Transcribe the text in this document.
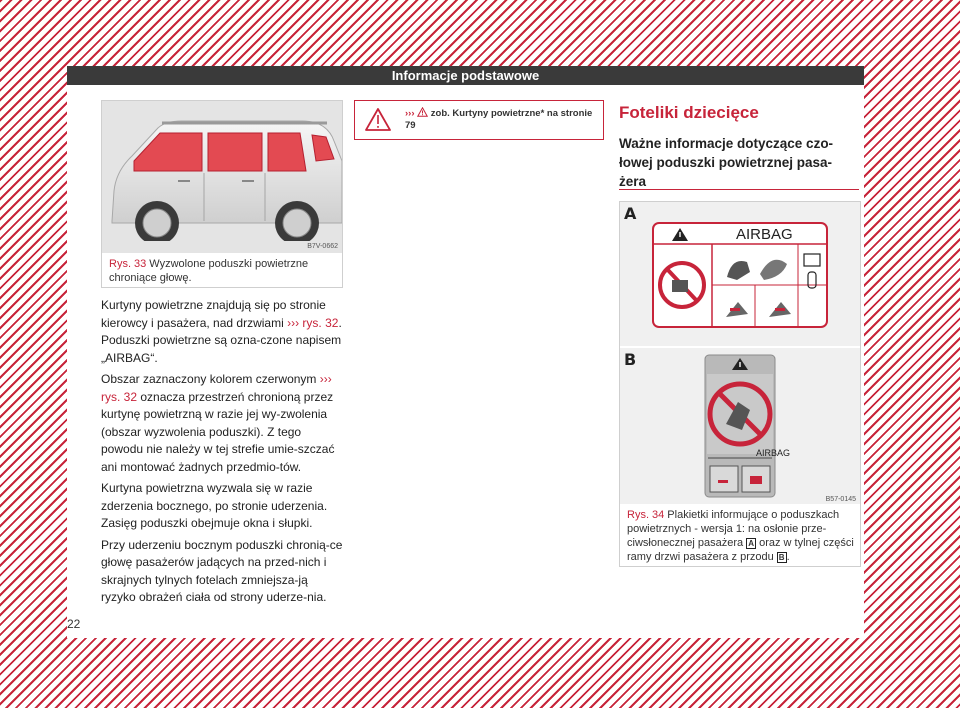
Informacje podstawowe
B7V-0662
Rys. 33 Wyzwolone poduszki powietrzne chroniące głowę.

Kurtyny powietrzne znajdują się po stronie kierowcy i pasażera, nad drzwiami ››› rys. 32. Poduszki powietrzne są ozna-czone napisem „AIRBAG“.

Obszar zaznaczony kolorem czerwonym ››› rys. 32 oznacza przestrzeń chronioną przez kurtynę powietrzną w razie jej wy-zwolenia (obszar wyzwolenia poduszki). Z tego powodu nie należy w tej strefie umie-szczać ani montować żadnych przedmio-tów.

Kurtyna powietrzna wyzwala się w razie zderzenia bocznego, po stronie uderzenia. Zasięg poduszki obejmuje okna i słupki.

Przy uderzeniu bocznym poduszki chronią-ce głowę pasażerów jadących na przed-nich i skrajnych tylnych fotelach zmniejsza-ją ryzyko obrażeń ciała od strony uderze-nia.

22
››› zob. Kurtyny powietrzne* na stronie 79
Foteliki dziecięce
Ważne informacje dotyczące czo-łowej poduszki powietrznej pasa-żera
A
AIRBAG
B
AIRBAG
B57-0145
Rys. 34 Plakietki informujące o poduszkach powietrznych - wersja 1: na osłonie prze-ciwsłonecznej pasażera A oraz w tylnej części ramy drzwi pasażera z przodu B .
